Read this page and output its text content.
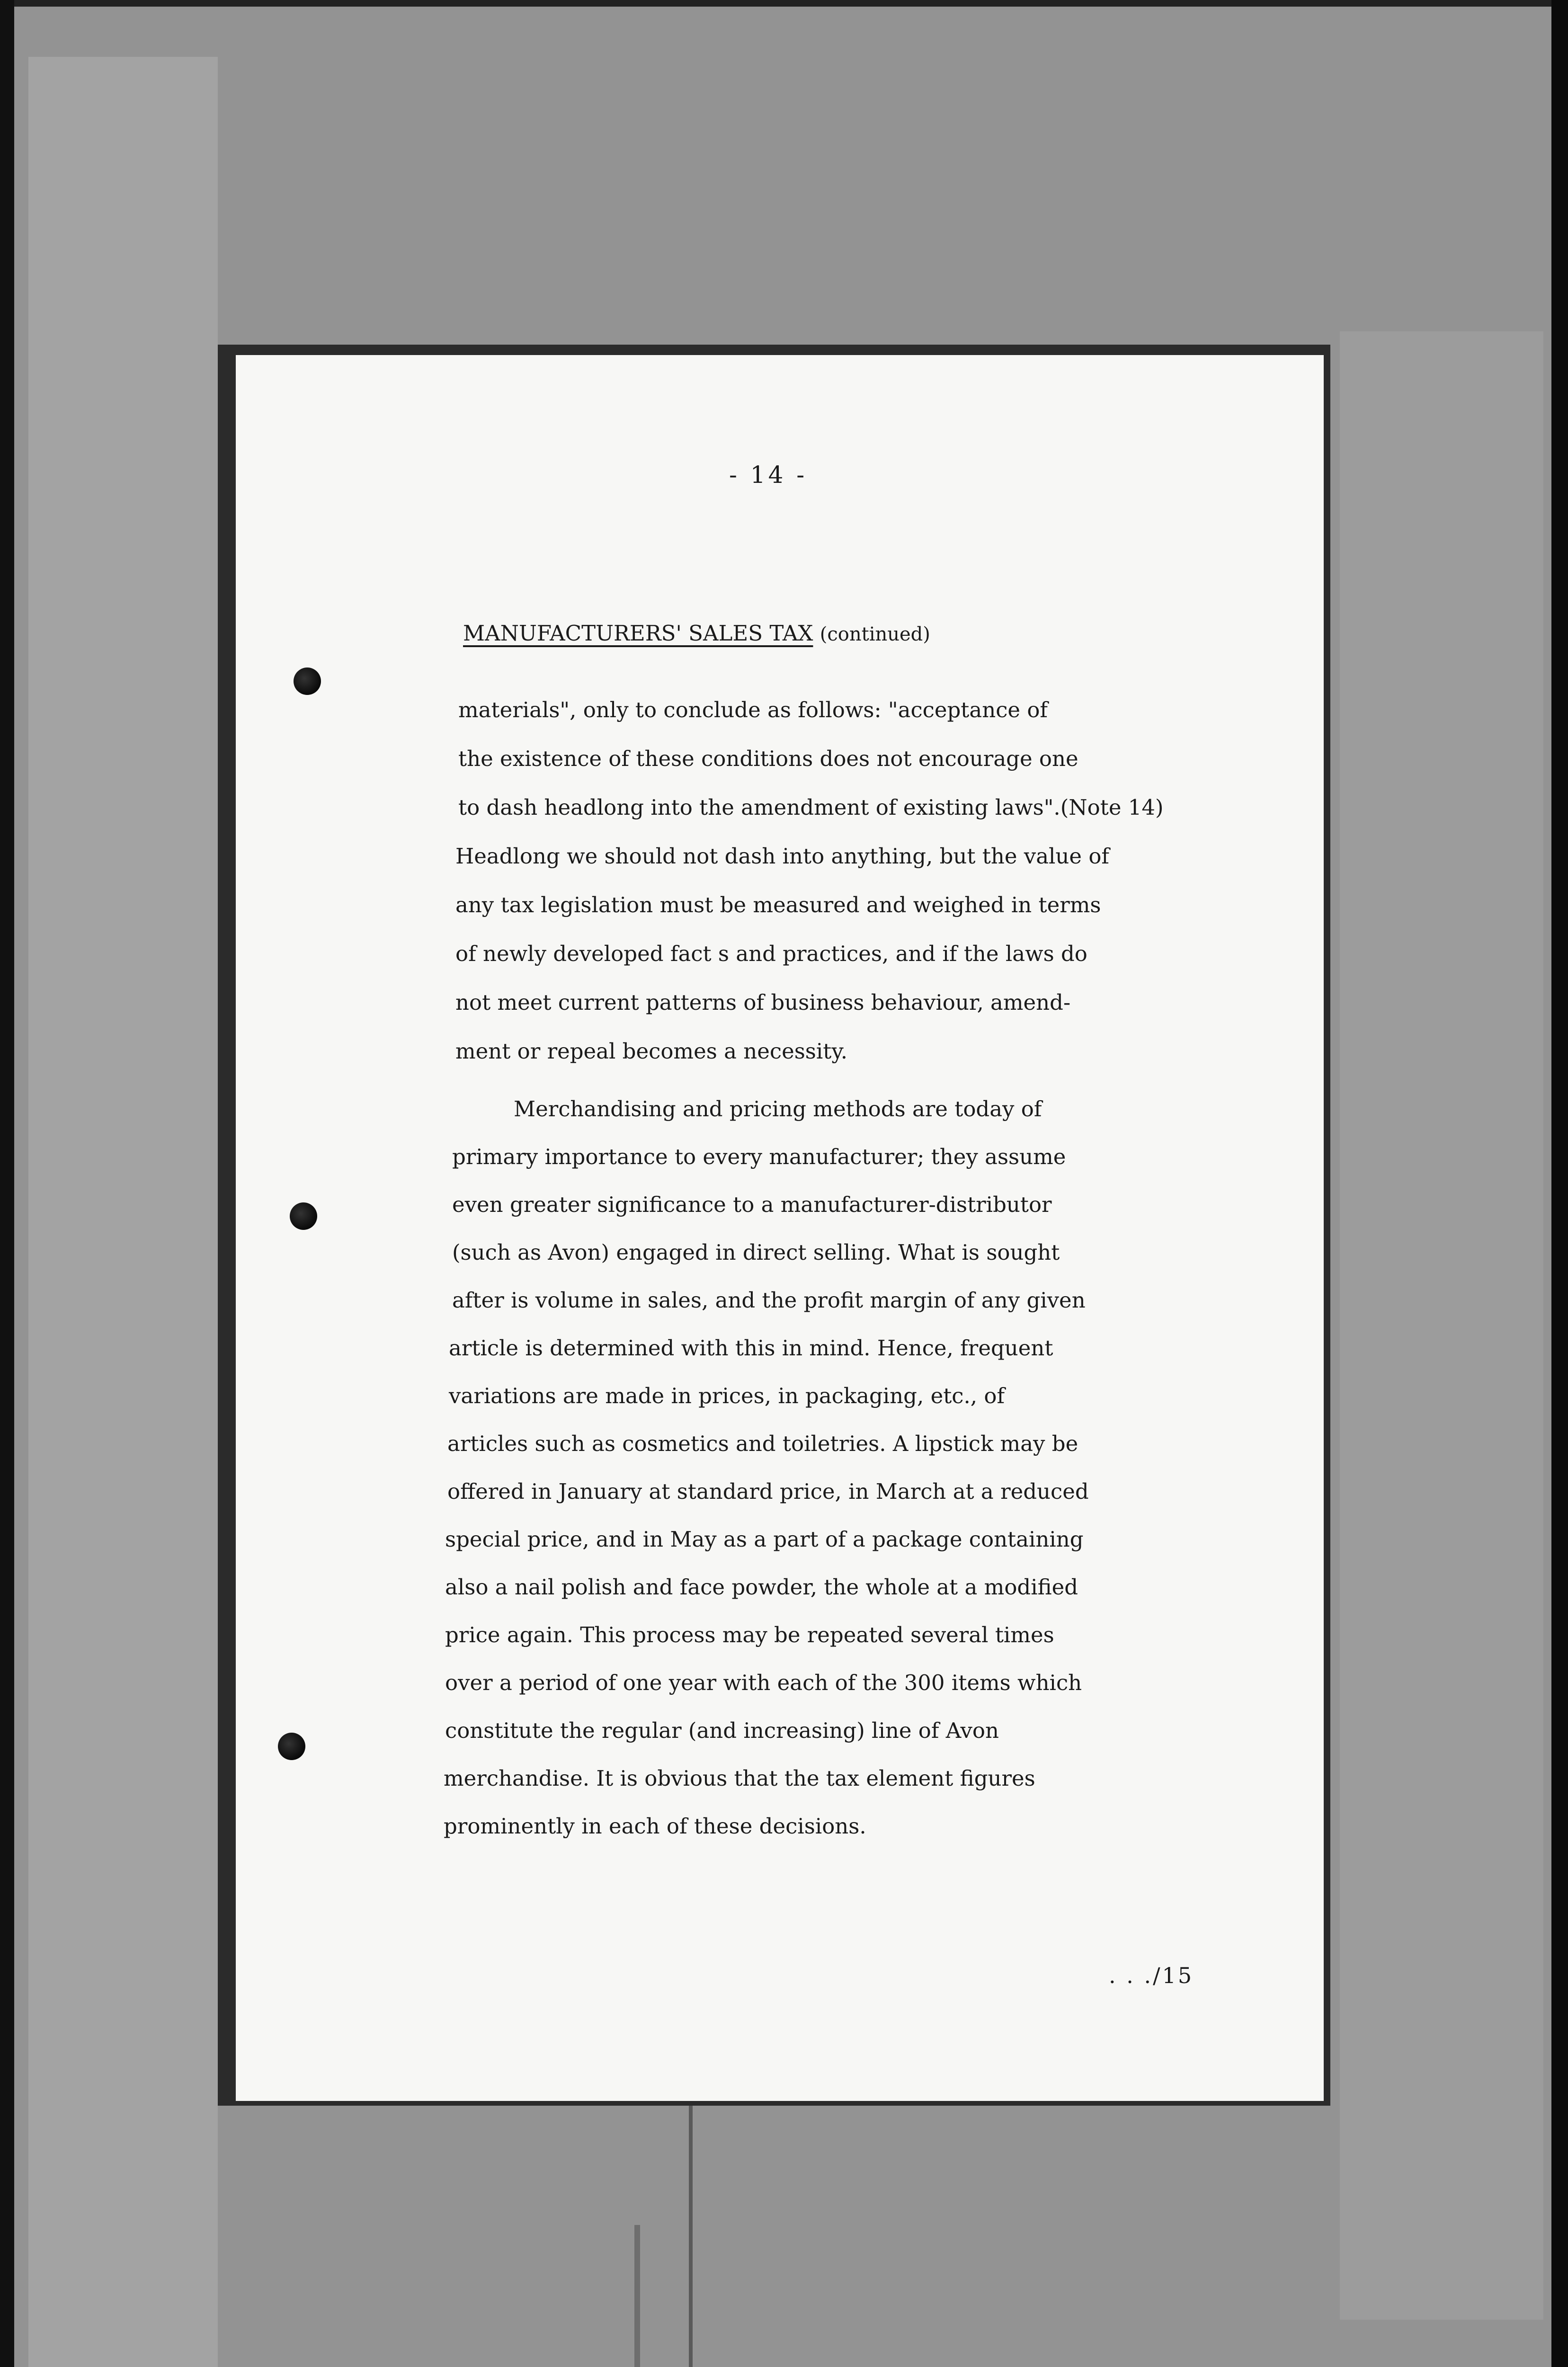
- 14 -
MANUFACTURERS' SALES TAX (continued)
materials", only to conclude as follows: "acceptance of
the existence of these conditions does not encourage one
to dash headlong into the amendment of existing laws".(Note 14)
Headlong we should not dash into anything, but the value of
any tax legislation must be measured and weighed in terms
of newly developed fact s and practices, and if the laws do
not meet current patterns of business behaviour, amend-
ment or repeal becomes a necessity.
Merchandising and pricing methods are today of
primary importance to every manufacturer; they assume
even greater significance to a manufacturer-distributor
(such as Avon) engaged in direct selling. What is sought
after is volume in sales, and the profit margin of any given
article is determined with this in mind. Hence, frequent
variations are made in prices, in packaging, etc., of
articles such as cosmetics and toiletries. A lipstick may be
offered in January at standard price, in March at a reduced
special price, and in May as a part of a package containing
also a nail polish and face powder, the whole at a modified
price again. This process may be repeated several times
over a period of one year with each of the 300 items which
constitute the regular (and increasing) line of Avon
merchandise. It is obvious that the tax element figures
prominently in each of these decisions.
. . ./15
